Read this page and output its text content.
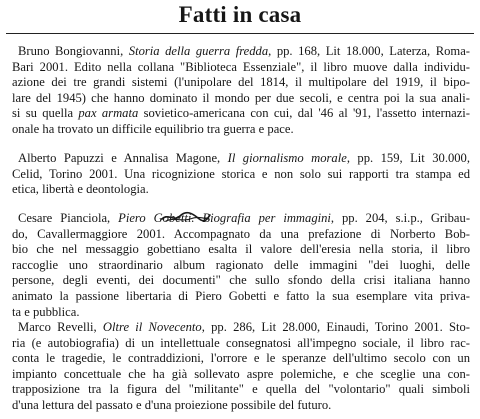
Fatti in casa
Bruno Bongiovanni, Storia della guerra fredda, pp. 168, Lit 18.000, Laterza, Roma-
Bari 2001. Edito nella collana "Biblioteca Essenziale", il libro muove dalla individu-
azione dei tre grandi sistemi (l'unipolare del 1814, il multipolare del 1919, il bipo-
lare del 1945) che hanno dominato il mondo per due secoli, e centra poi la sua anali-
si su quella pax armata sovietico-americana con cui, dal '46 al '91, l'assetto internazi-
onale ha trovato un difficile equilibrio tra guerra e pace.
Alberto Papuzzi e Annalisa Magone, Il giornalismo morale, pp. 159, Lit 30.000,
Celid, Torino 2001. Una ricognizione storica e non solo sui rapporti tra stampa ed
etica, libertà e deontologia.
Cesare Pianciola, Piero Gobetti. Biografia per immagini, pp. 204, s.i.p., Gribau-
do, Cavallermaggiore 2001. Accompagnato da una prefazione di Norberto Bob-
bio che nel messaggio gobettiano esalta il valore dell'eresia nella storia, il libro
raccoglie uno straordinario album ragionato delle immagini "dei luoghi, delle
persone, degli eventi, dei documenti" che sullo sfondo della crisi italiana hanno
animato la passione libertaria di Piero Gobetti e fatto la sua esemplare vita priva-
ta e pubblica.
Marco Revelli, Oltre il Novecento, pp. 286, Lit 28.000, Einaudi, Torino 2001. Sto-
ria (e autobiografia) di un intellettuale consegnatosi all'impegno sociale, il libro rac-
conta le tragedie, le contraddizioni, l'orrore e le speranze dell'ultimo secolo con un
impianto concettuale che ha già sollevato aspre polemiche, e che sceglie una con-
trapposizione tra la figura del "militante" e quella del "volontario" quali simboli
d'una lettura del passato e d'una proiezione possibile del futuro.
